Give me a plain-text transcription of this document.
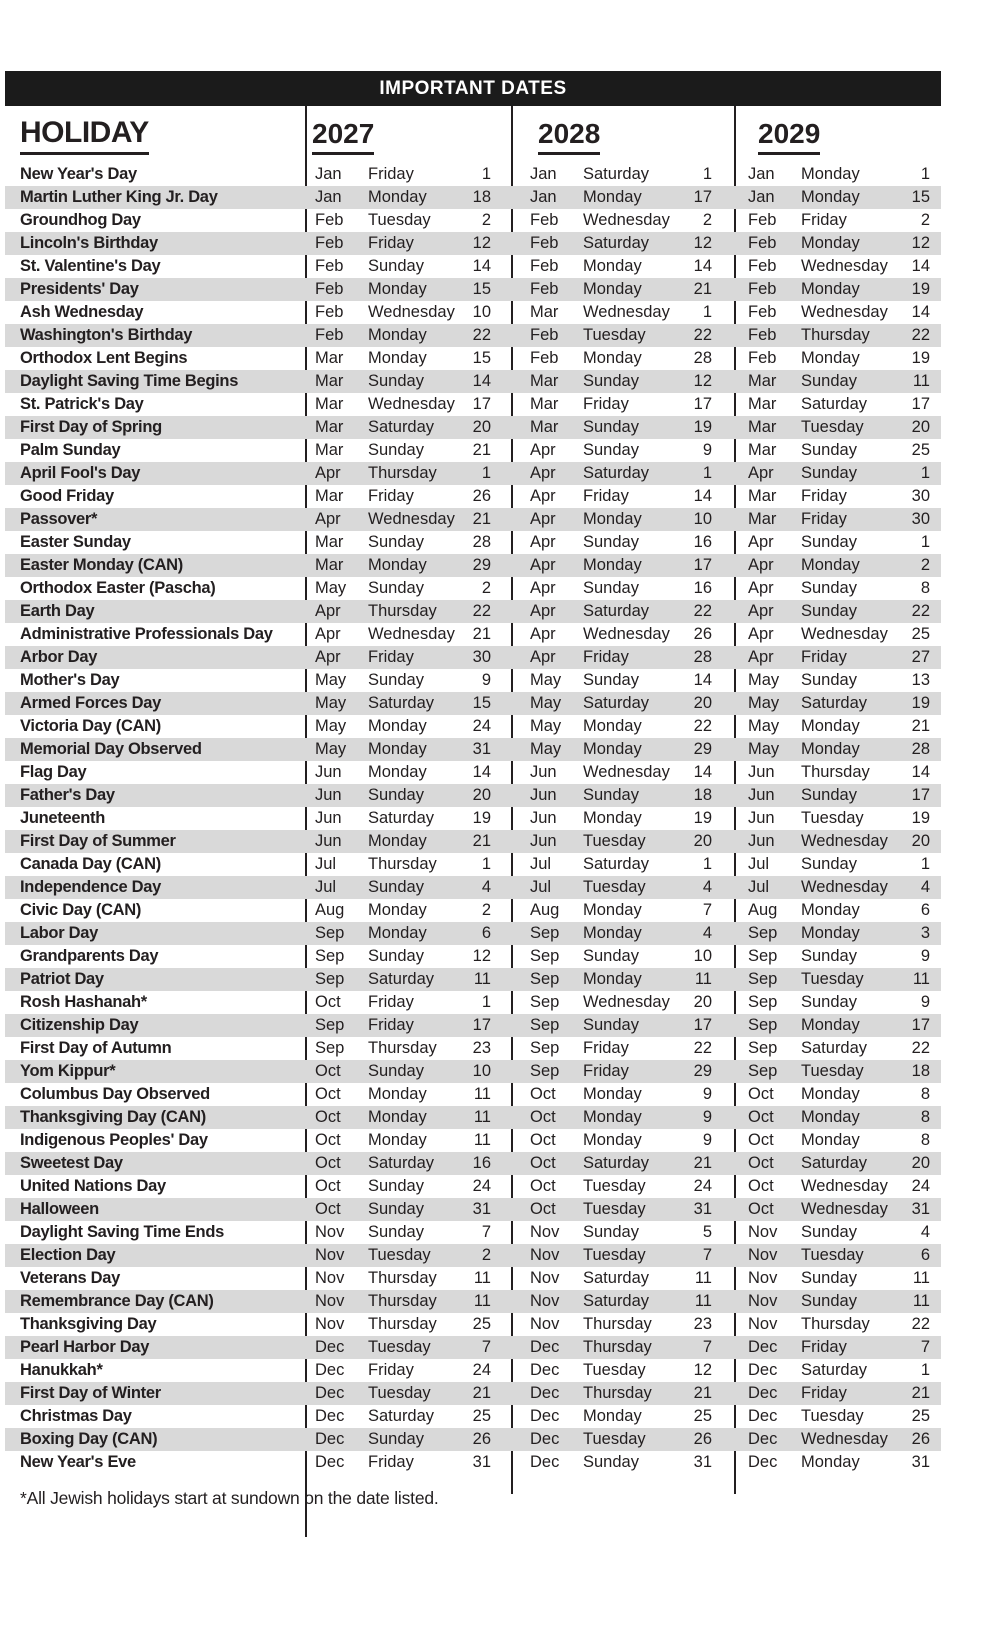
IMPORTANT DATES
HOLIDAY	2027	2028	2029
New Year's Day	Jan	Friday	1 Jan	Saturday	1 Jan	Monday	1
Martin Luther King Jr. Day	Jan	Monday	18 Jan	Monday	17 Jan	Monday	15
Groundhog Day	Feb	Tuesday	2 Feb	Wednesday	2 Feb	Friday	2
Lincoln's Birthday	Feb	Friday	12 Feb	Saturday	12 Feb	Monday	12
St. Valentine's Day	Feb	Sunday	14 Feb	Monday	14 Feb	Wednesday	14
Presidents' Day	Feb	Monday	15 Feb	Monday	21 Feb	Monday	19
Ash Wednesday	Feb	Wednesday	10 Mar	Wednesday	1 Feb	Wednesday	14
Washington's Birthday	Feb	Monday	22 Feb	Tuesday	22 Feb	Thursday	22
Orthodox Lent Begins	Mar	Monday	15 Feb	Monday	28 Feb	Monday	19
Daylight Saving Time Begins	Mar	Sunday	14 Mar	Sunday	12 Mar	Sunday	11
St. Patrick's Day	Mar	Wednesday	17 Mar	Friday	17 Mar	Saturday	17
First Day of Spring	Mar	Saturday	20 Mar	Sunday	19 Mar	Tuesday	20
Palm Sunday	Mar	Sunday	21 Apr	Sunday	9 Mar	Sunday	25
April Fool's Day	Apr	Thursday	1 Apr	Saturday	1 Apr	Sunday	1
Good Friday	Mar	Friday	26 Apr	Friday	14 Mar	Friday	30
Passover*	Apr	Wednesday	21 Apr	Monday	10 Mar	Friday	30
Easter Sunday	Mar	Sunday	28 Apr	Sunday	16 Apr	Sunday	1
Easter Monday (CAN)	Mar	Monday	29 Apr	Monday	17 Apr	Monday	2
Orthodox Easter (Pascha)	May	Sunday	2 Apr	Sunday	16 Apr	Sunday	8
Earth Day	Apr	Thursday	22 Apr	Saturday	22 Apr	Sunday	22
Administrative Professionals Day	Apr	Wednesday	21 Apr	Wednesday	26 Apr	Wednesday	25
Arbor Day	Apr	Friday	30 Apr	Friday	28 Apr	Friday	27
Mother's Day	May	Sunday	9 May	Sunday	14 May	Sunday	13
Armed Forces Day	May	Saturday	15 May	Saturday	20 May	Saturday	19
Victoria Day (CAN)	May	Monday	24 May	Monday	22 May	Monday	21
Memorial Day Observed	May	Monday	31 May	Monday	29 May	Monday	28
Flag Day	Jun	Monday	14 Jun	Wednesday	14 Jun	Thursday	14
Father's Day	Jun	Sunday	20 Jun	Sunday	18 Jun	Sunday	17
Juneteenth	Jun	Saturday	19 Jun	Monday	19 Jun	Tuesday	19
First Day of Summer	Jun	Monday	21 Jun	Tuesday	20 Jun	Wednesday	20
Canada Day (CAN)	Jul	Thursday	1 Jul	Saturday	1 Jul	Sunday	1
Independence Day	Jul	Sunday	4 Jul	Tuesday	4 Jul	Wednesday	4
Civic Day (CAN)	Aug	Monday	2 Aug	Monday	7 Aug	Monday	6
Labor Day	Sep	Monday	6 Sep	Monday	4 Sep	Monday	3
Grandparents Day	Sep	Sunday	12 Sep	Sunday	10 Sep	Sunday	9
Patriot Day	Sep	Saturday	11 Sep	Monday	11 Sep	Tuesday	11
Rosh Hashanah*	Oct	Friday	1 Sep	Wednesday	20 Sep	Sunday	9
Citizenship Day	Sep	Friday	17 Sep	Sunday	17 Sep	Monday	17
First Day of Autumn	Sep	Thursday	23 Sep	Friday	22 Sep	Saturday	22
Yom Kippur*	Oct	Sunday	10 Sep	Friday	29 Sep	Tuesday	18
Columbus Day Observed	Oct	Monday	11 Oct	Monday	9 Oct	Monday	8
Thanksgiving Day (CAN)	Oct	Monday	11 Oct	Monday	9 Oct	Monday	8
Indigenous Peoples' Day	Oct	Monday	11 Oct	Monday	9 Oct	Monday	8
Sweetest Day	Oct	Saturday	16 Oct	Saturday	21 Oct	Saturday	20
United Nations Day	Oct	Sunday	24 Oct	Tuesday	24 Oct	Wednesday	24
Halloween	Oct	Sunday	31 Oct	Tuesday	31 Oct	Wednesday	31
Daylight Saving Time Ends	Nov	Sunday	7 Nov	Sunday	5 Nov	Sunday	4
Election Day	Nov	Tuesday	2 Nov	Tuesday	7 Nov	Tuesday	6
Veterans Day	Nov	Thursday	11 Nov	Saturday	11 Nov	Sunday	11
Remembrance Day (CAN)	Nov	Thursday	11 Nov	Saturday	11 Nov	Sunday	11
Thanksgiving Day	Nov	Thursday	25 Nov	Thursday	23 Nov	Thursday	22
Pearl Harbor Day	Dec	Tuesday	7 Dec	Thursday	7 Dec	Friday	7
Hanukkah*	Dec	Friday	24 Dec	Tuesday	12 Dec	Saturday	1
First Day of Winter	Dec	Tuesday	21 Dec	Thursday	21 Dec	Friday	21
Christmas Day	Dec	Saturday	25 Dec	Monday	25 Dec	Tuesday	25
Boxing Day (CAN)	Dec	Sunday	26 Dec	Tuesday	26 Dec	Wednesday	26
New Year's Eve	Dec	Friday	31 Dec	Sunday	31 Dec	Monday	31
*All Jewish holidays start at sundown on the date listed.
